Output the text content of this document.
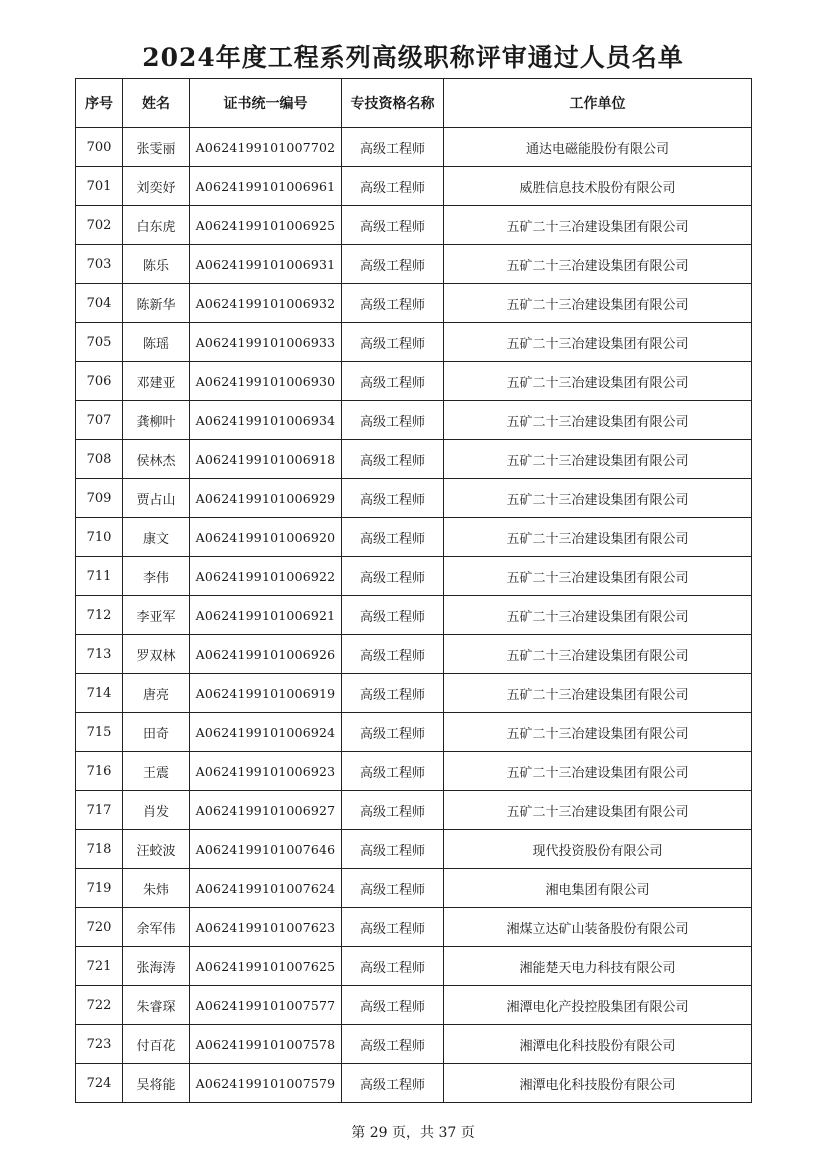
2024年度工程系列高级职称评审通过人员名单
序号	姓名	证书统一编号	专技资格名称	工作单位
700	张雯丽	A0624199101007702	高级工程师	通达电磁能股份有限公司
701	刘奕妤	A0624199101006961	高级工程师	威胜信息技术股份有限公司
702	白东虎	A0624199101006925	高级工程师	五矿二十三冶建设集团有限公司
703	陈乐	A0624199101006931	高级工程师	五矿二十三冶建设集团有限公司
704	陈新华	A0624199101006932	高级工程师	五矿二十三冶建设集团有限公司
705	陈瑶	A0624199101006933	高级工程师	五矿二十三冶建设集团有限公司
706	邓建亚	A0624199101006930	高级工程师	五矿二十三冶建设集团有限公司
707	龚柳叶	A0624199101006934	高级工程师	五矿二十三冶建设集团有限公司
708	侯林杰	A0624199101006918	高级工程师	五矿二十三冶建设集团有限公司
709	贾占山	A0624199101006929	高级工程师	五矿二十三冶建设集团有限公司
710	康文	A0624199101006920	高级工程师	五矿二十三冶建设集团有限公司
711	李伟	A0624199101006922	高级工程师	五矿二十三冶建设集团有限公司
712	李亚军	A0624199101006921	高级工程师	五矿二十三冶建设集团有限公司
713	罗双林	A0624199101006926	高级工程师	五矿二十三冶建设集团有限公司
714	唐亮	A0624199101006919	高级工程师	五矿二十三冶建设集团有限公司
715	田奇	A0624199101006924	高级工程师	五矿二十三冶建设集团有限公司
716	王震	A0624199101006923	高级工程师	五矿二十三冶建设集团有限公司
717	肖发	A0624199101006927	高级工程师	五矿二十三冶建设集团有限公司
718	汪蛟波	A0624199101007646	高级工程师	现代投资股份有限公司
719	朱炜	A0624199101007624	高级工程师	湘电集团有限公司
720	余军伟	A0624199101007623	高级工程师	湘煤立达矿山装备股份有限公司
721	张海涛	A0624199101007625	高级工程师	湘能楚天电力科技有限公司
722	朱睿琛	A0624199101007577	高级工程师	湘潭电化产投控股集团有限公司
723	付百花	A0624199101007578	高级工程师	湘潭电化科技股份有限公司
724	吴将能	A0624199101007579	高级工程师	湘潭电化科技股份有限公司
第 29 页，共 37 页
